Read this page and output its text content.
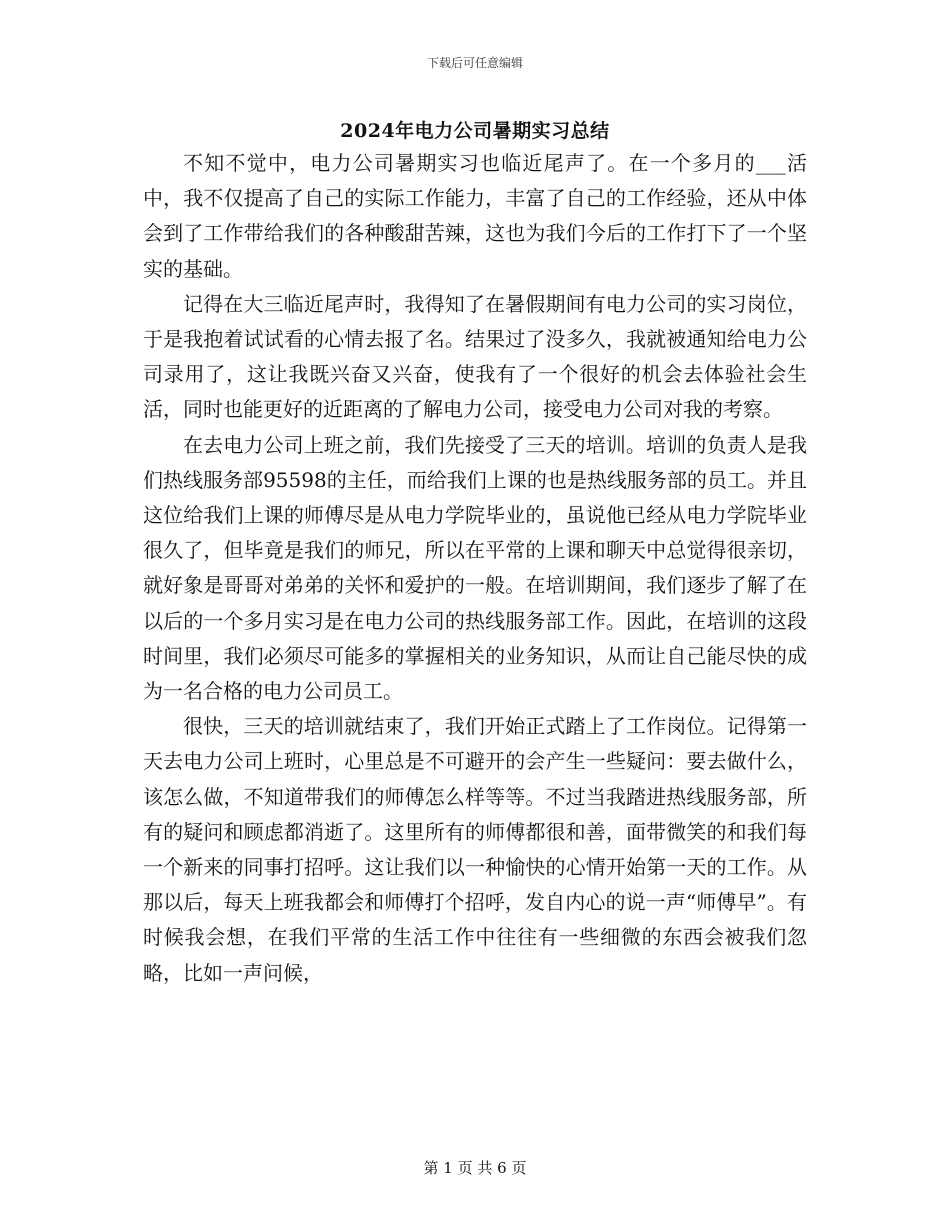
下载后可任意编辑
2024年电力公司暑期实习总结

不知不觉中，电力公司暑期实习也临近尾声了。在一个多月的___活中，我不仅提高了自己的实际工作能力，丰富了自己的工作经验，还从中体会到了工作带给我们的各种酸甜苦辣，这也为我们今后的工作打下了一个坚实的基础。

记得在大三临近尾声时，我得知了在暑假期间有电力公司的实习岗位，于是我抱着试试看的心情去报了名。结果过了没多久，我就被通知给电力公司录用了，这让我既兴奋又兴奋，使我有了一个很好的机会去体验社会生活，同时也能更好的近距离的了解电力公司，接受电力公司对我的考察。

在去电力公司上班之前，我们先接受了三天的培训。培训的负责人是我们热线服务部95598的主任，而给我们上课的也是热线服务部的员工。并且这位给我们上课的师傅尽是从电力学院毕业的，虽说他已经从电力学院毕业很久了，但毕竟是我们的师兄，所以在平常的上课和聊天中总觉得很亲切，就好象是哥哥对弟弟的关怀和爱护的一般。在培训期间，我们逐步了解了在以后的一个多月实习是在电力公司的热线服务部工作。因此，在培训的这段时间里，我们必须尽可能多的掌握相关的业务知识，从而让自己能尽快的成为一名合格的电力公司员工。

很快，三天的培训就结束了，我们开始正式踏上了工作岗位。记得第一天去电力公司上班时，心里总是不可避开的会产生一些疑问：要去做什么，该怎么做，不知道带我们的师傅怎么样等等。不过当我踏进热线服务部，所有的疑问和顾虑都消逝了。这里所有的师傅都很和善，面带微笑的和我们每一个新来的同事打招呼。这让我们以一种愉快的心情开始第一天的工作。从那以后，每天上班我都会和师傅打个招呼，发自内心的说一声“师傅早”。有时候我会想，在我们平常的生活工作中往往有一些细微的东西会被我们忽略，比如一声问候，

第 1 页 共 6 页
